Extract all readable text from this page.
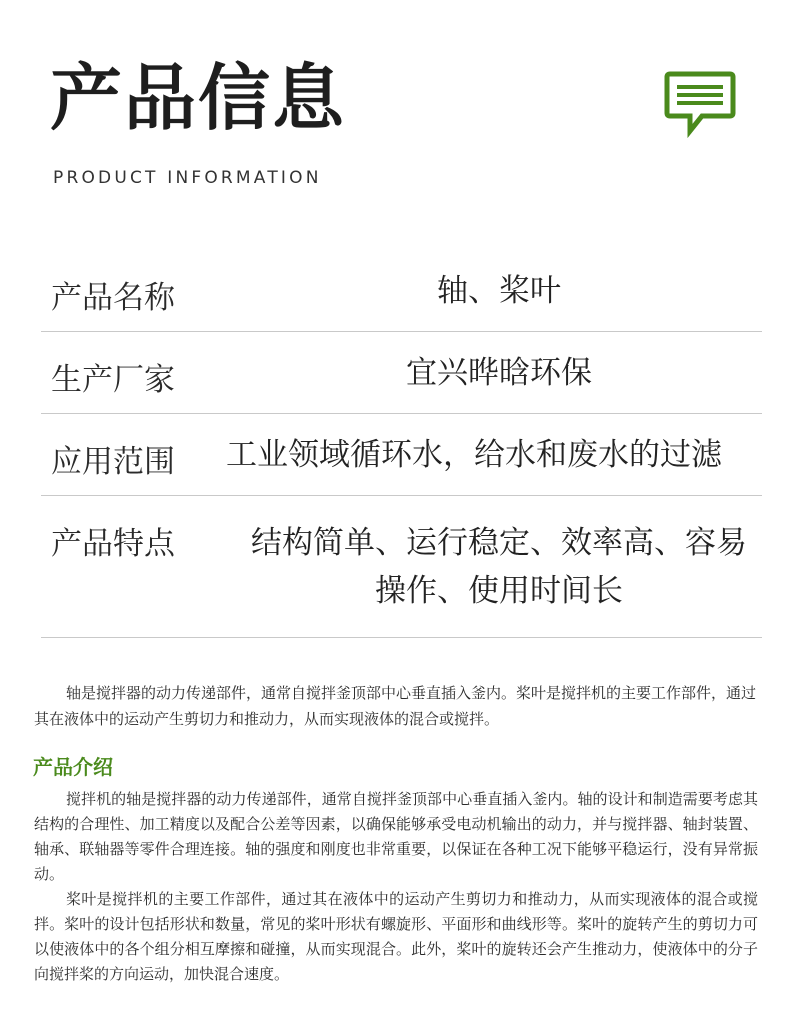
产品信息
PRODUCT INFORMATION
产品名称	轴、桨叶
生产厂家	宜兴晔晗环保
应用范围	工业领域循环水，给水和废水的过滤
产品特点	结构简单、运行稳定、效率高、容易操作、使用时间长
轴是搅拌器的动力传递部件，通常自搅拌釜顶部中心垂直插入釜内。桨叶是搅拌机的主要工作部件，通过其在液体中的运动产生剪切力和推动力，从而实现液体的混合或搅拌。
产品介绍

搅拌机的轴是搅拌器的动力传递部件，通常自搅拌釜顶部中心垂直插入釜内。轴的设计和制造需要考虑其结构的合理性、加工精度以及配合公差等因素，以确保能够承受电动机输出的动力，并与搅拌器、轴封装置、轴承、联轴器等零件合理连接。轴的强度和刚度也非常重要，以保证在各种工况下能够平稳运行，没有异常振动。

桨叶是搅拌机的主要工作部件，通过其在液体中的运动产生剪切力和推动力，从而实现液体的混合或搅拌。桨叶的设计包括形状和数量，常见的桨叶形状有螺旋形、平面形和曲线形等。桨叶的旋转产生的剪切力可以使液体中的各个组分相互摩擦和碰撞，从而实现混合。此外，桨叶的旋转还会产生推动力，使液体中的分子向搅拌桨的方向运动，加快混合速度。
